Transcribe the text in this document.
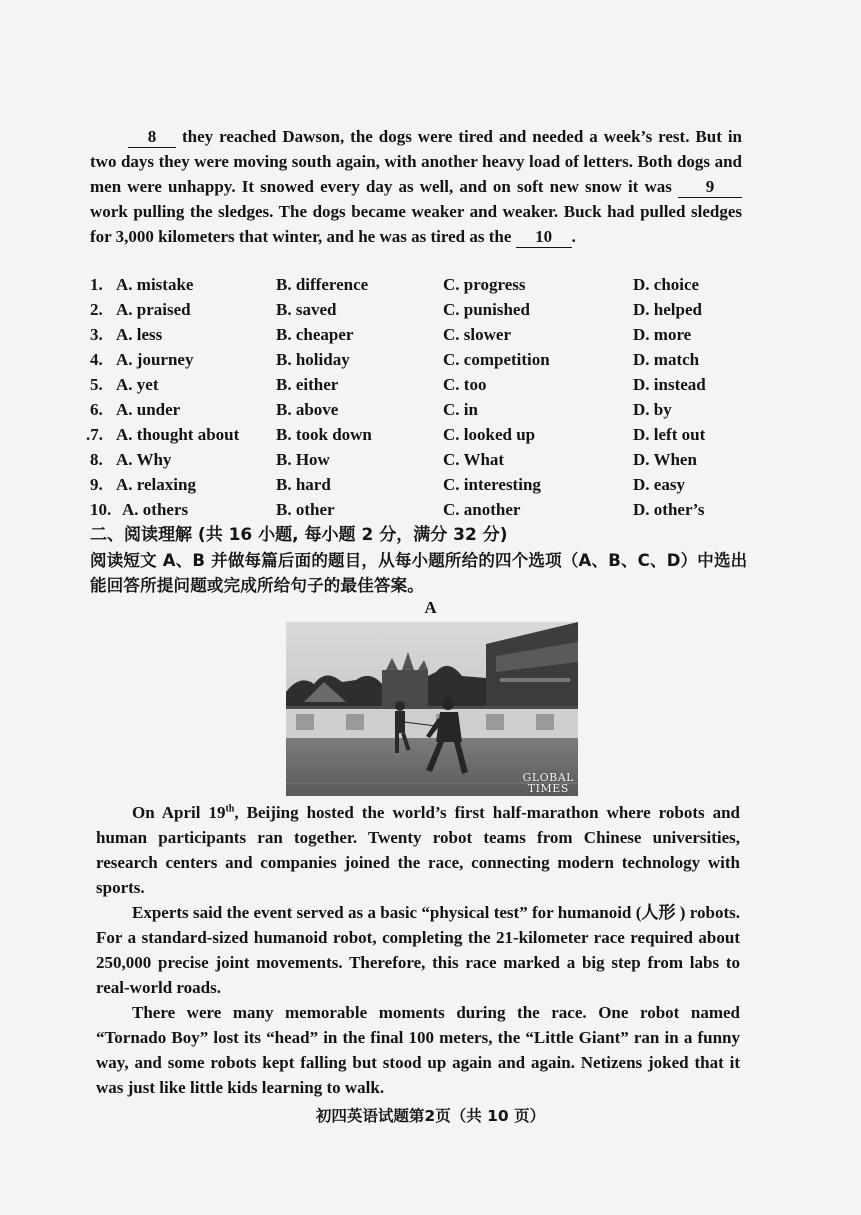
8 they reached Dawson, the dogs were tired and needed a week’s rest. But in two days they were moving south again, with another heavy load of letters. Both dogs and men were unhappy. It snowed every day as well, and on soft new snow it was 9 work pulling the sledges. The dogs became weaker and weaker. Buck had pulled sledges for 3,000 kilometers that winter, and he was as tired as the 10 .
1. A. mistake	B. difference	C. progress	D. choice
2. A. praised	B. saved	C. punished	D. helped
3. A. less	B. cheaper	C. slower	D. more
4. A. journey	B. holiday	C. competition	D. match
5. A. yet	B. either	C. too	D. instead
6. A. under	B. above	C. in	D. by
.7. A. thought about B. took down	C. looked up	D. left out
8. A. Why	B. How	C. What	D. When
9. A. relaxing	B. hard	C. interesting	D. easy
10. A. others	B. other	C. another	D. other’s
二、阅读理解 (共 16 小题, 每小题 2 分，满分 32 分)
阅读短文 A、B 并做每篇后面的题目，从每小题所给的四个选项（A、B、C、D）中选出能回答所提问题或完成所给句子的最佳答案。
A
GLOBAL
TIMES

On April 19th, Beijing hosted the world’s first half-marathon where robots and human participants ran together. Twenty robot teams from Chinese universities, research centers and companies joined the race, connecting modern technology with sports.

Experts said the event served as a basic “physical test” for humanoid (人形 ) robots. For a standard-sized humanoid robot, completing the 21-kilometer race required about 250,000 precise joint movements. Therefore, this race marked a big step from labs to real-world roads.

There were many memorable moments during the race. One robot named “Tornado Boy” lost its “head” in the final 100 meters, the “Little Giant” ran in a funny way, and some robots kept falling but stood up again and again. Netizens joked that it was just like little kids learning to walk.

初四英语试题第2页（共 10 页）
